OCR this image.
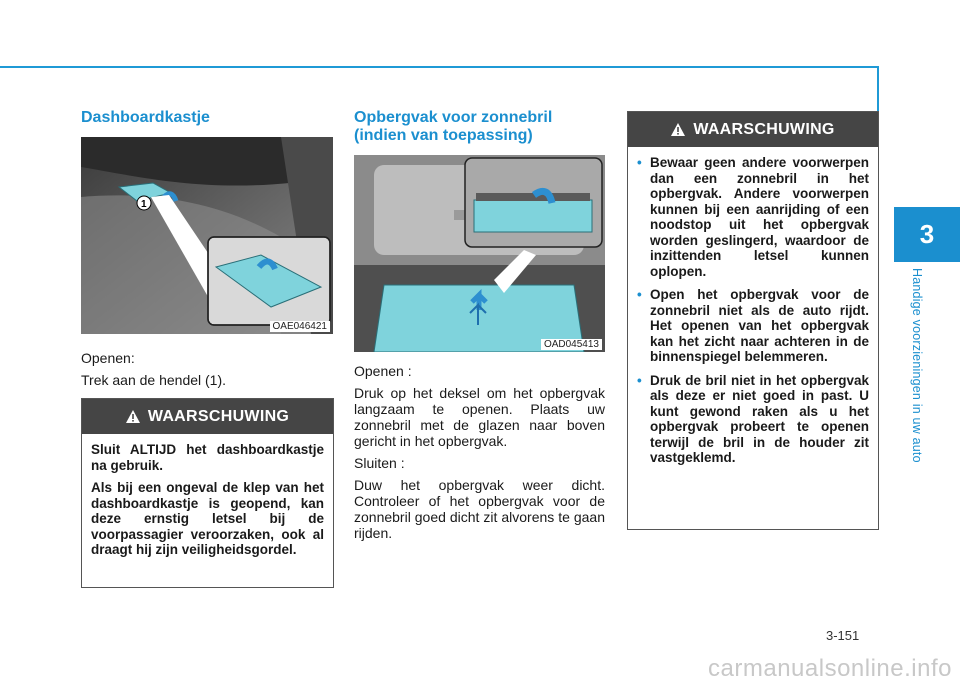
3
Handige voorzieningen in uw auto
Dashboardkastje
1
OAE046421

Openen:

Trek aan de hendel (1).

WAARSCHUWING

Sluit ALTIJD het dashboardkastje na gebruik.

Als bij een ongeval de klep van het dashboardkastje is geopend, kan deze ernstig letsel bij de voorpassagier veroorzaken, ook al draagt hij zijn veiligheidsgordel.

Opbergvak voor zonnebril (indien van toepassing)
OAD045413

Openen :

Druk op het deksel om het opbergvak langzaam te openen. Plaats uw zonnebril met de glazen naar boven gericht in het opbergvak.

Sluiten :

Duw het opbergvak weer dicht. Controleer of het opbergvak voor de zonnebril goed dicht zit alvorens te gaan rijden.

WAARSCHUWING
• Bewaar geen andere voorwerpen dan een zonnebril in het opbergvak. Andere voorwerpen kunnen bij een aanrijding of een noodstop uit het opbergvak worden geslingerd, waardoor de inzittenden letsel kunnen oplopen.
• Open het opbergvak voor de zonnebril niet als de auto rijdt. Het openen van het opbergvak kan het zicht naar achteren in de binnenspiegel belemmeren.
• Druk de bril niet in het opbergvak als deze er niet goed in past. U kunt gewond raken als u het opbergvak probeert te openen terwijl de bril in de houder zit vastgeklemd.
3-151
carmanualsonline.info
